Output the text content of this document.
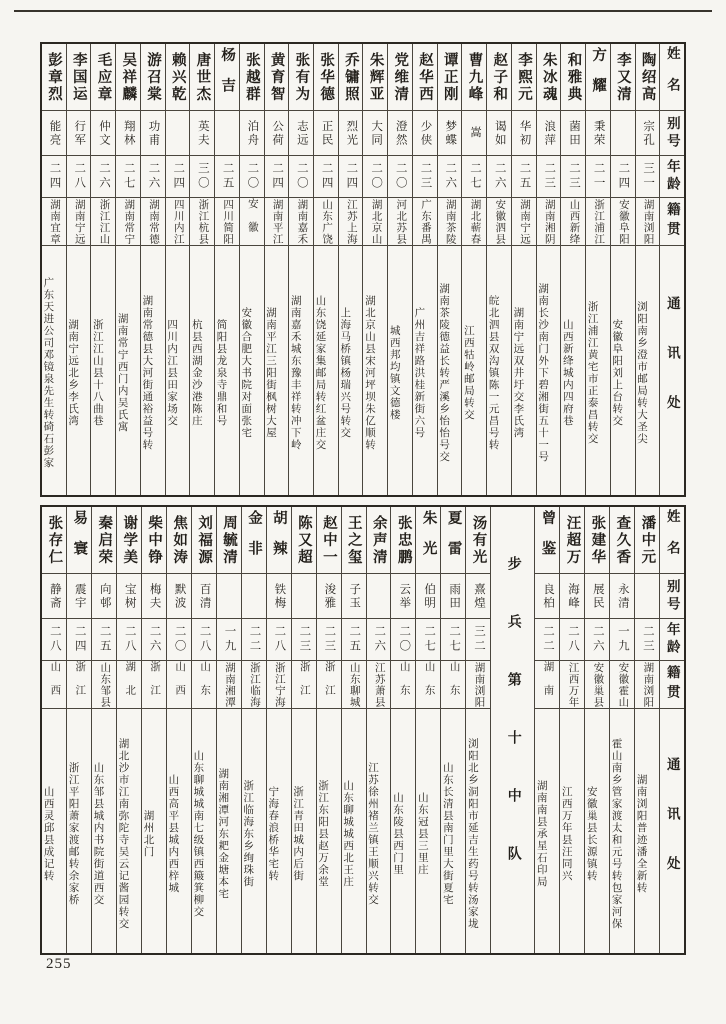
姓名
别号
年龄
籍贯
通讯处
陶绍高
宗孔
三一
湖南浏阳
浏阳南乡澄市邮局转大圣尖
李又清
二四
安徽阜阳
安徽阜阳刘上台转交
方耀
秉荣
二一
浙江浦江
浙江浦江黄宅市正泰昌转交
和雅典
菌田
二三
山西新绛
山西新绛城内四府巷
朱冰魂
浪萍
二三
湖南湘阴
湖南长沙南门外下碧湘街五十一号
李熙元
华初
二五
湖南宁远
湖南宁远双井圩交李氏湾
赵子和
谒如
二六
安徽泗县
皖北泗县双沟镇陈一元昌号转
曹九峰
嵩
二七
湖北蕲春
江西牯岭邮局转交
谭正刚
梦蝶
二六
湖南茶陵
湖南茶陵德益长转严溪乡怡怡号交
赵华西
少侠
二三
广东番禺
广州吉祥路洪桂新街六号
党维清
澄然
二〇
河北苏县
城西邦均镇文德楼
朱辉亚
大同
二〇
湖北京山
湖北京山县宋河坪坝朱亿顺转
乔镛照
烈光
二四
江苏上海
上海马桥镇杨瑞兴号转交
张华德
正民
二四
山东广饶
山东饶延家集邮局转红盆庄交
张有为
志远
二〇
湖南嘉禾
湖南嘉禾城东豫丰祥转冲下岭
黄育智
公荷
二四
湖南平江
湖南平江三阳街枫树大屋
张越群
泊舟
二〇
安徽
安徽合肥大书院对面张宅
杨吉
二五
四川简阳
简阳县龙泉寺鼎和号
唐世杰
英夫
三〇
浙江杭县
杭县西湖金沙港陈庄
赖兴乾
二四
四川内江
四川内江县田家场交
游召棠
功甫
二六
湖南常德
湖南常德县大河街通裕益号转
吴祥麟
翔林
二七
湖南常宁
湖南常宁西门内吴氏寓
毛应章
仲文
二六
浙江江山
浙江江山县十八曲巷
李国运
行军
二八
湖南宁远
湖南宁远北乡李氏湾
彭章烈
能亮
二四
湖南宜章
广东天进公司邓镜泉先生转碕石彭家
姓名
别号
年龄
籍贯
通讯处
潘中元
二三
湖南浏阳
湖南浏阳普迹潘全新转
查久香
永清
一九
安徽霍山
霍山南乡管家渡太和元号转包家河保
张建华
展民
二六
安徽巢县
安徽巢县长源镇转
汪超万
海峰
二八
江西万年
江西万年县汪同兴
曾鉴
良柏
二二
湖南
湖南南县承星石印局
步兵第十中队
汤有光
熹煌
三二
湖南浏阳
浏阳北乡洞阳市延吉生药号转汤家垅
夏雷
雨田
二七
山东
山东长清县南门里大街夏宅
朱光
伯明
二七
山东
山东冠县三里庄
张忠鹏
云举
二〇
山东
山东陵县西门里
余声清
二六
江苏萧县
江苏徐州褚兰镇王顺兴转交
王之玺
子玉
二五
山东聊城
山东聊城城西北王庄
赵中一
浚雅
二三
浙江
浙江东阳县赵万余堂
陈又超
二三
浙江
浙江青田城内后街
胡辣
铁梅
二八
浙江宁海
宁海春浪桥华宅转
金非
二二
浙江临海
浙江临海东乡绚珠街
周毓清
一九
湖南湘潭
湖南湘潭河东耙金塘本宅
刘福源
百清
二八
山东
山东聊城城南七级镇西簸箕柳交
焦如涛
默波
二〇
山西
山西高平县城内西梓城
柴中铮
梅夫
二六
浙江
湖州北门
谢学美
宝树
二八
湖北
湖北沙市江南弥陀寺吴云记酱园转交
秦启荣
向邨
二五
山东邹县
山东邹县城内书院街道西交
易寰
震宇
二四
浙江
浙江平阳萧家渡邮转余家桥
张存仁
静斋
二八
山西
山西灵邱县成记转
255
